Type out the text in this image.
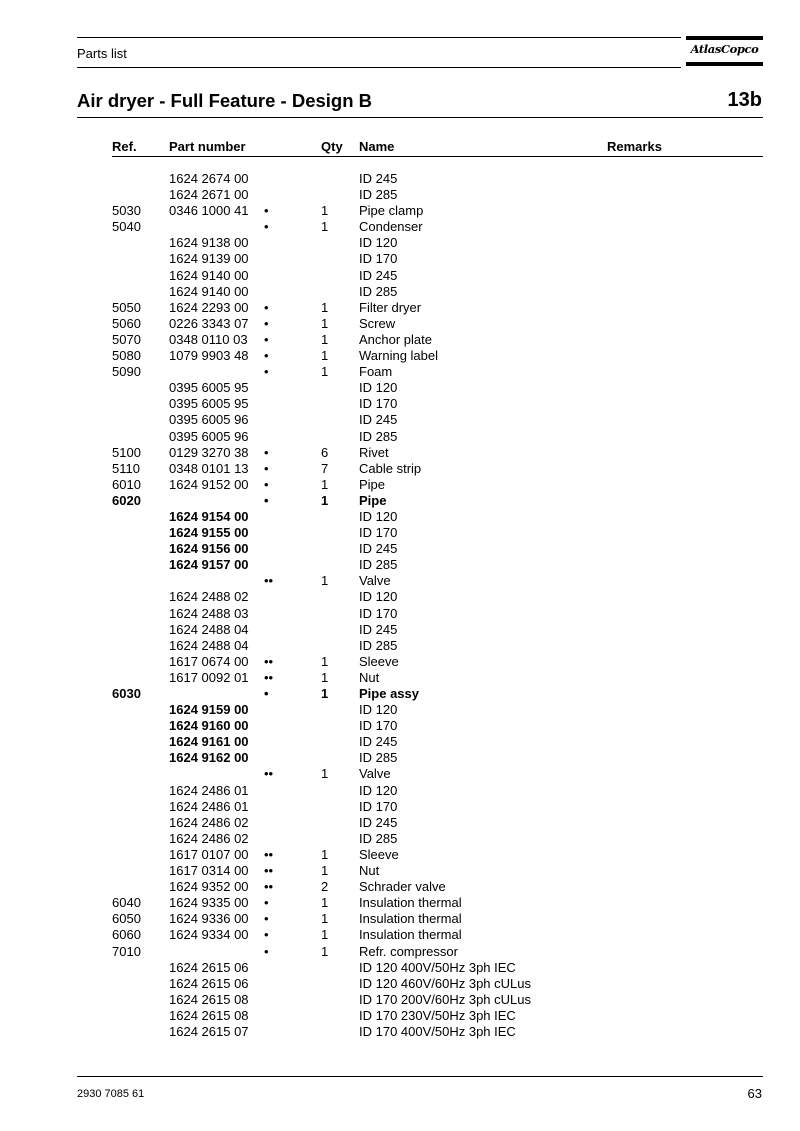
Parts list	AtlasCopco
Air dryer - Full Feature - Design B	13b
Ref. Part number	Qty Name	Remarks
1624 2674 00	ID 245
1624 2671 00	ID 285
5030 0346 1000 41 •	1 Pipe clamp
5040	•	1 Condenser
1624 9138 00	ID 120
1624 9139 00	ID 170
1624 9140 00	ID 245
1624 9140 00	ID 285
5050 1624 2293 00 •	1 Filter dryer
5060 0226 3343 07 •	1 Screw
5070 0348 0110 03 •	1 Anchor plate
5080 1079 9903 48 •	1 Warning label
5090	•	1 Foam
0395 6005 95	ID 120
0395 6005 95	ID 170
0395 6005 96	ID 245
0395 6005 96	ID 285
5100 0129 3270 38 •	6 Rivet
5110 0348 0101 13 •	7 Cable strip
6010 1624 9152 00 •	1 Pipe
6020	•	1 Pipe
1624 9154 00	ID 120
1624 9155 00	ID 170
1624 9156 00	ID 245
1624 9157 00	ID 285
••	1 Valve
1624 2488 02	ID 120
1624 2488 03	ID 170
1624 2488 04	ID 245
1624 2488 04	ID 285
1617 0674 00 ••	1 Sleeve
1617 0092 01 ••	1 Nut
6030	•	1 Pipe assy
1624 9159 00	ID 120
1624 9160 00	ID 170
1624 9161 00	ID 245
1624 9162 00	ID 285
••	1 Valve
1624 2486 01	ID 120
1624 2486 01	ID 170
1624 2486 02	ID 245
1624 2486 02	ID 285
1617 0107 00 ••	1 Sleeve
1617 0314 00 ••	1 Nut
1624 9352 00 ••	2 Schrader valve
6040 1624 9335 00 •	1 Insulation thermal
6050 1624 9336 00 •	1 Insulation thermal
6060 1624 9334 00 •	1 Insulation thermal
7010	•	1 Refr. compressor
1624 2615 06	ID 120 400V/50Hz 3ph IEC
1624 2615 06	ID 120 460V/60Hz 3ph cULus
1624 2615 08	ID 170 200V/60Hz 3ph cULus
1624 2615 08	ID 170 230V/50Hz 3ph IEC
1624 2615 07	ID 170 400V/50Hz 3ph IEC
2930 7085 61	63
